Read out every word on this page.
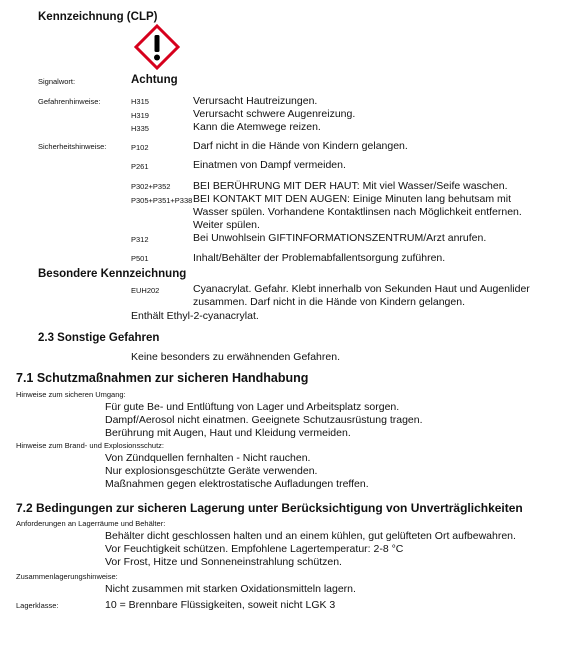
Kennzeichnung (CLP)
Signalwort:	Achtung
Gefahrenhinweise:	H315	Verursacht Hautreizungen.
H319	Verursacht schwere Augenreizung.
H335	Kann die Atemwege reizen.
Sicherheitshinweise:	P102	Darf nicht in die Hände von Kindern gelangen.
P261	Einatmen von Dampf vermeiden.
P302+P352 BEI BERÜHRUNG MIT DER HAUT: Mit viel Wasser/Seife waschen.
P305+P351+P338 BEI KONTAKT MIT DEN AUGEN: Einige Minuten lang behutsam mit
Wasser spülen. Vorhandene Kontaktlinsen nach Möglichkeit entfernen.
Weiter spülen.
P312	Bei Unwohlsein GIFTINFORMATIONSZENTRUM/Arzt anrufen.
P501	Inhalt/Behälter der Problemabfallentsorgung zuführen.
Besondere Kennzeichnung
EUH202	Cyanacrylat. Gefahr. Klebt innerhalb von Sekunden Haut und Augenlider
zusammen. Darf nicht in die Hände von Kindern gelangen.
Enthält Ethyl-2-cyanacrylat.
2.3 Sonstige Gefahren
Keine besonders zu erwähnenden Gefahren.
7.1 Schutzmaßnahmen zur sicheren Handhabung
Hinweise zum sicheren Umgang:
Für gute Be- und Entlüftung von Lager und Arbeitsplatz sorgen.
Dampf/Aerosol nicht einatmen. Geeignete Schutzausrüstung tragen.
Berührung mit Augen, Haut und Kleidung vermeiden.
Hinweise zum Brand- und Explosionsschutz:
Von Zündquellen fernhalten - Nicht rauchen.
Nur explosionsgeschützte Geräte verwenden.
Maßnahmen gegen elektrostatische Aufladungen treffen.
7.2 Bedingungen zur sicheren Lagerung unter Berücksichtigung von Unverträglichkeiten
Anforderungen an Lagerräume und Behälter:
Behälter dicht geschlossen halten und an einem kühlen, gut gelüfteten Ort aufbewahren.
Vor Feuchtigkeit schützen. Empfohlene Lagertemperatur: 2-8 °C
Vor Frost, Hitze und Sonneneinstrahlung schützen.
Zusammenlagerungshinweise:
Nicht zusammen mit starken Oxidationsmitteln lagern.
Lagerklasse:	10 = Brennbare Flüssigkeiten, soweit nicht LGK 3
